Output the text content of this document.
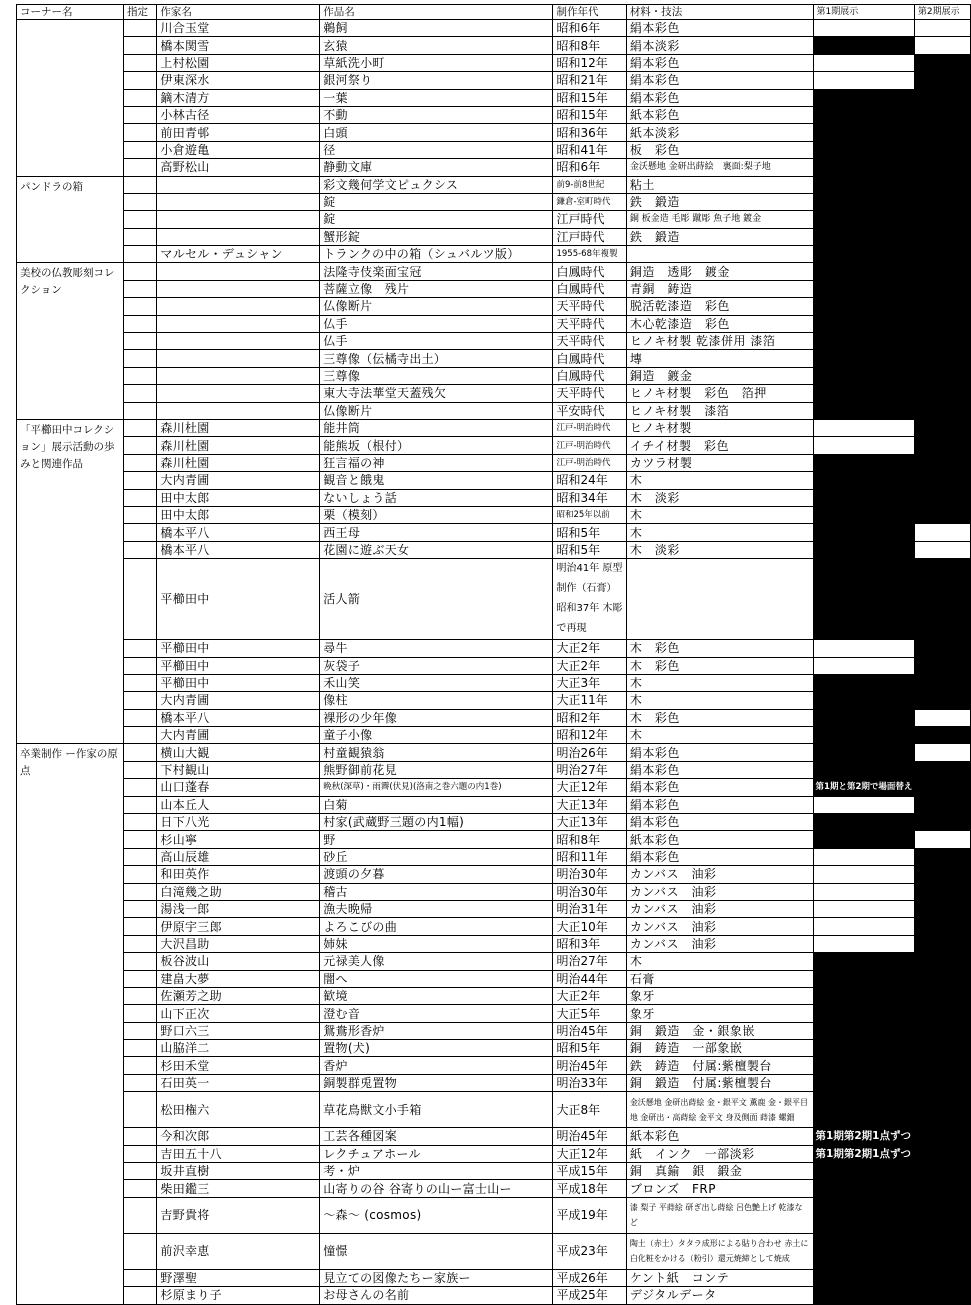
コーナー名	指定	作家名	作品名	制作年代	材料・技法	第1期展示	第2期展示
		川合玉堂	鵜飼	昭和6年	絹本彩色		
		橋本関雪	玄猿	昭和8年	絹本淡彩		
		上村松園	草紙洗小町	昭和12年	絹本彩色		
		伊東深水	銀河祭り	昭和21年	絹本彩色		
		鏑木清方	一葉	昭和15年	絹本彩色		
		小林古径	不動	昭和15年	紙本彩色		
		前田青邨	白頭	昭和36年	紙本淡彩		
		小倉遊亀	径	昭和41年	板　彩色		
		高野松山	静動文庫	昭和6年	金沃懸地 金研出蒔絵　裏面:梨子地		
パンドラの箱			彩文幾何学文ピュクシス	前9-前8世紀	粘土		
			錠	鎌倉-室町時代	鉄　鍛造		
			錠	江戸時代	銅 板金造 毛彫 蹴彫 魚子地 鍍金		
			蟹形錠	江戸時代	鉄　鍛造		
		マルセル・デュシャン	トランクの中の箱（シュバルツ版）	1955-68年複製			
美校の仏教彫刻コレクション			法隆寺伎楽面宝冠	白鳳時代	銅造　透彫　鍍金		
			菩薩立像　残片	白鳳時代	青銅　鋳造		
			仏像断片	天平時代	脱活乾漆造　彩色		
			仏手	天平時代	木心乾漆造　彩色		
			仏手	天平時代	ヒノキ材製 乾漆併用 漆箔		
			三尊像（伝橘寺出土）	白鳳時代	塼		
			三尊像	白鳳時代	銅造　鍍金		
			東大寺法華堂天蓋残欠	天平時代	ヒノキ材製　彩色　箔押		
			仏像断片	平安時代	ヒノキ材製　漆箔		
「平櫛田中コレクション」展示活動の歩みと関連作品		森川杜園	能井筒	江戸-明治時代	ヒノキ材製		
		森川杜園	能熊坂（根付）	江戸-明治時代	イチイ材製　彩色		
		森川杜園	狂言福の神	江戸-明治時代	カツラ材製		
		大内青圃	観音と餓鬼	昭和24年	木		
		田中太郎	ないしょう話	昭和34年	木　淡彩		
		田中太郎	栗（模刻）	昭和25年以前	木		
		橋本平八	西王母	昭和5年	木		
		橋本平八	花園に遊ぶ天女	昭和5年	木　淡彩		
		平櫛田中	活人箭	明治41年 原型制作（石膏）昭和37年 木彫で再現			
		平櫛田中	尋牛	大正2年	木　彩色		
		平櫛田中	灰袋子	大正2年	木　彩色		
		平櫛田中	禾山笑	大正3年	木		
		大内青圃	像柱	大正11年	木		
		橋本平八	裸形の少年像	昭和2年	木　彩色		
		大内青圃	童子小像	昭和12年	木		
卒業制作 ー作家の原点		横山大観	村童観猿翁	明治26年	絹本彩色		
		下村観山	熊野御前花見	明治27年	絹本彩色		
		山口蓬春	晩秋(深草)・雨霽(伏見)(洛南之巻六題の内1巻)	大正12年	絹本彩色	第1期と第2期で場面替え	
		山本丘人	白菊	大正13年	絹本彩色		
		日下八光	村家(武蔵野三題の内1幅)	大正13年	絹本彩色		
		杉山寧	野	昭和8年	紙本彩色		
		高山辰雄	砂丘	昭和11年	絹本彩色		
		和田英作	渡頭の夕暮	明治30年	カンバス　油彩		
		白滝幾之助	稽古	明治30年	カンバス　油彩		
		湯浅一郎	漁夫晩帰	明治31年	カンバス　油彩		
		伊原宇三郎	よろこびの曲	大正10年	カンバス　油彩		
		大沢昌助	姉妹	昭和3年	カンバス　油彩		
		板谷波山	元禄美人像	明治27年	木		
		建畠大夢	闇へ	明治44年	石膏		
		佐瀬芳之助	歓境	大正2年	象牙		
		山下正次	澄む音	大正5年	象牙		
		野口六三	鴛鴦形香炉	明治45年	銅　鍛造　金・銀象嵌		
		山脇洋二	置物(犬)	昭和5年	銅　鋳造　一部象嵌		
		杉田禾堂	香炉	明治45年	鉄　鋳造　付属:紫檀製台		
		石田英一	銅製群兎置物	明治33年	銅　鍛造　付属:紫檀製台		
		松田権六	草花鳥獣文小手箱	大正8年	金沃懸地 金研出蒔絵 金・銀平文 薫鹿 金・銀平目地 金研出・高蒔絵 金平文 身及側面 蒔漆 螺鈿		
		今和次郎	工芸各種図案	明治45年	紙本彩色	第1期第2期1点ずつ	
		吉田五十八	レクチュアホール	大正12年	紙　インク　一部淡彩	第1期第2期1点ずつ	
		坂井直樹	考・炉	平成15年	銅　真鍮　銀　鍛金		
		柴田鑑三	山寄りの谷 谷寄りの山ー富士山ー	平成18年	ブロンズ　FRP		
		吉野貴将	〜森〜 (cosmos)	平成19年	漆 梨子 平蒔絵 研ぎ出し蒔絵 呂色艶上げ 乾漆など		
		前沢幸恵	憧憬	平成23年	陶土（赤土）タタラ成形による貼り合わせ 赤土に白化粧をかける（粉引）還元焼締として焼成		
		野澤聖	見立ての図像たちー家族ー	平成26年	ケント紙　コンテ		
		杉原まり子	お母さんの名前	平成25年	デジタルデータ		
